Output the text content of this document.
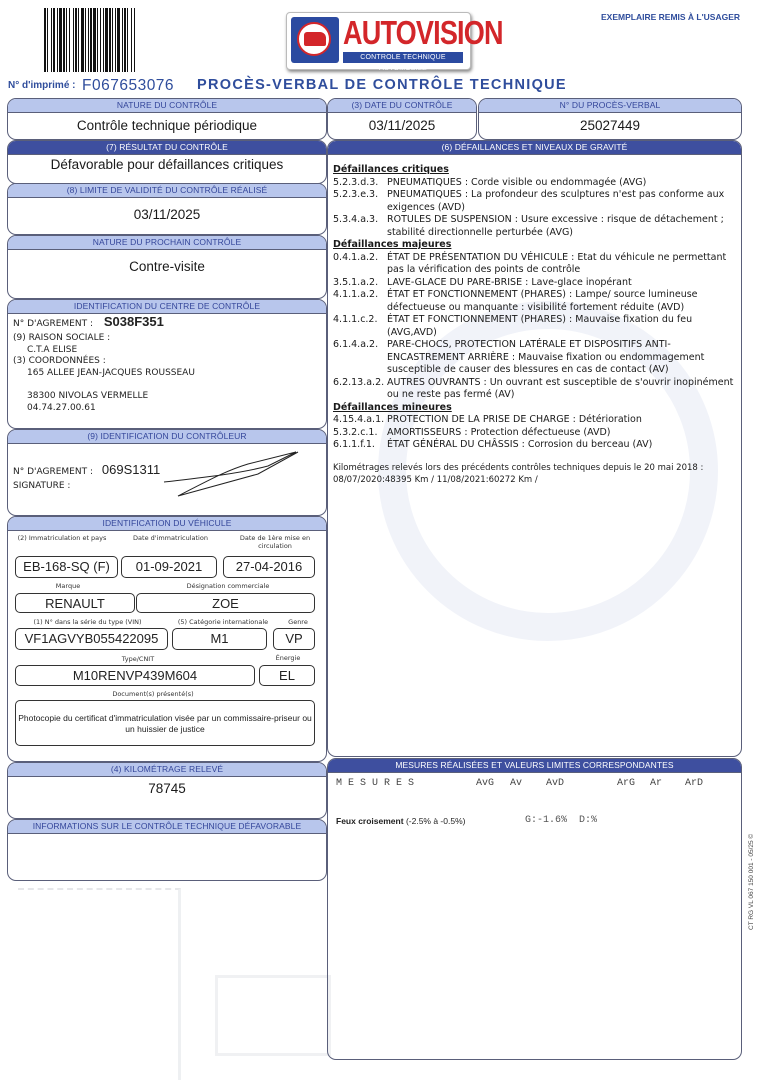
AUTOVISION
CONTROLE TECHNIQUE AUTOMOBILE
EXEMPLAIRE REMIS À L'USAGER
N° d'imprimé : F067653076 PROCÈS-VERBAL DE CONTRÔLE TECHNIQUE
NATURE DU CONTRÔLE
Contrôle technique périodique
(3) DATE DU CONTRÔLE
03/11/2025
N° DU PROCÈS-VERBAL
25027449
(7) RÉSULTAT DU CONTRÔLE
Défavorable pour défaillances critiques
(8) LIMITE DE VALIDITÉ DU CONTRÔLE RÉALISÉ
03/11/2025
NATURE DU PROCHAIN CONTRÔLE
Contre-visite
IDENTIFICATION DU CENTRE DE CONTRÔLE
N° D'AGREMENT : S038F351
(9) RAISON SOCIALE :
C.T.A ELISE
(3) COORDONNÉES :
165 ALLEE JEAN-JACQUES ROUSSEAU
38300 NIVOLAS VERMELLE
04.74.27.00.61
(9) IDENTIFICATION DU CONTRÔLEUR
N° D'AGREMENT : 069S1311
SIGNATURE :
IDENTIFICATION DU VÉHICULE
(2) Immatriculation et pays	Date d'immatriculation	Date de 1ère mise en circulation
EB-168-SQ (F)	01-09-2021	27-04-2016
Marque	Désignation commerciale
RENAULT	ZOE
(1) N° dans la série du type (VIN)	(5) Catégorie internationale	Genre
VF1AGVYB055422095	M1	VP
Type/CNIT	Énergie
M10RENVP439M604	EL
Document(s) présenté(s)
Photocopie du certificat d'immatriculation visée par un commissaire-priseur ou un huissier de justice
(4) KILOMÉTRAGE RELEVÉ
78745
INFORMATIONS SUR LE CONTRÔLE TECHNIQUE DÉFAVORABLE
(6) DÉFAILLANCES ET NIVEAUX DE GRAVITÉ
Défaillances critiques
5.2.3.d.3. PNEUMATIQUES : Corde visible ou endommagée (AVG)
5.2.3.e.3. PNEUMATIQUES : La profondeur des sculptures n'est pas conforme aux exigences (AVD)
5.3.4.a.3. ROTULES DE SUSPENSION : Usure excessive : risque de détachement ; stabilité directionnelle perturbée (AVG)
Défaillances majeures
0.4.1.a.2. ÉTAT DE PRÉSENTATION DU VÉHICULE : Etat du véhicule ne permettant pas la vérification des points de contrôle
3.5.1.a.2. LAVE-GLACE DU PARE-BRISE : Lave-glace inopérant
4.1.1.a.2. ÉTAT ET FONCTIONNEMENT (PHARES) : Lampe/ source lumineuse défectueuse ou manquante : visibilité fortement réduite (AVD)
4.1.1.c.2.	ÉTAT ET FONCTIONNEMENT (PHARES) : Mauvaise fixation du feu (AVG,AVD)
6.1.4.a.2. PARE-CHOCS, PROTECTION LATÉRALE ET DISPOSITIFS ANTI-ENCASTREMENT ARRIÈRE : Mauvaise fixation ou endommagement susceptible de causer des blessures en cas de contact (AV)
6.2.13.a.2. AUTRES OUVRANTS : Un ouvrant est susceptible de s'ouvrir inopinément ou ne reste pas fermé (AV)
Défaillances mineures
4.15.4.a.1. PROTECTION DE LA PRISE DE CHARGE : Détérioration
5.3.2.c.1.	AMORTISSEURS : Protection défectueuse (AVD)
6.1.1.f.1.	ÉTAT GÉNÉRAL DU CHÂSSIS : Corrosion du berceau (AV)
Kilométrages relevés lors des précédents contrôles techniques depuis le 20 mai 2018 :
08/07/2020:48395 Km / 11/08/2021:60272 Km /
MESURES RÉALISÉES ET VALEURS LIMITES CORRESPONDANTES
M E S U R E S	AvG Av AvD	ArG Ar ArD
Feux croisement (-2.5% à -0.5%)	G:-1.6%  D:%
CT RG VL 067 150 001 - 05/25 ©
